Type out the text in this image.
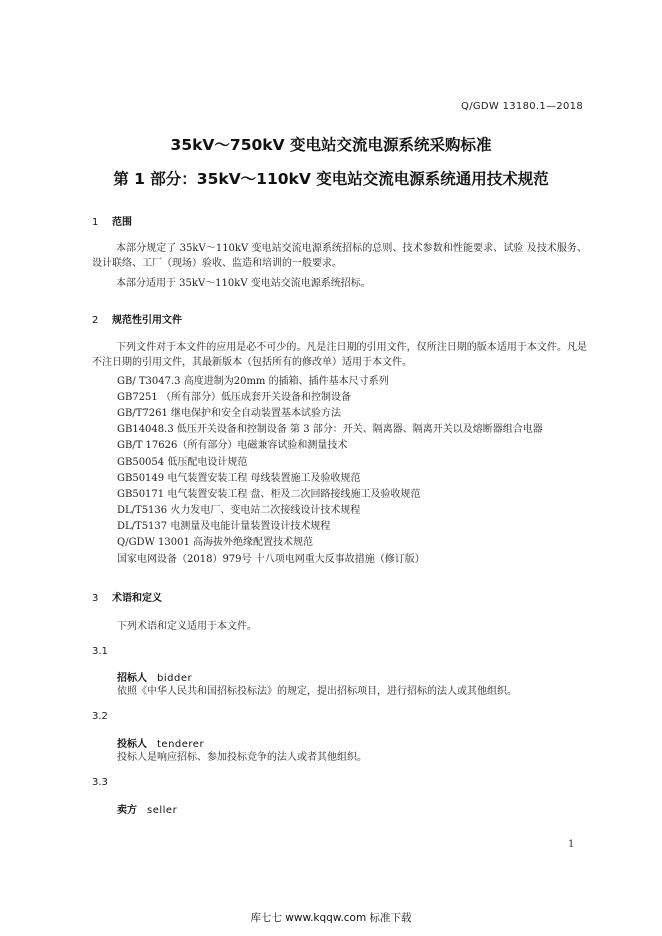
Q/GDW 13180.1—2018
35kV～750kV 变电站交流电源系统采购标准
第 1 部分：35kV～110kV 变电站交流电源系统通用技术规范
1 范围
本部分规定了 35kV～110kV 变电站交流电源系统招标的总则、技术参数和性能要求、试验 及技术服务、设计联络、工厂（现场）验收、监造和培训的一般要求。
本部分适用于 35kV～110kV 变电站交流电源系统招标。
2 规范性引用文件
下列文件对于本文件的应用是必不可少的。凡是注日期的引用文件，仅所注日期的版本适用于本文件。凡是不注日期的引用文件，其最新版本（包括所有的修改单）适用于本文件。
GB/ T3047.3 高度进制为20mm 的插箱、插件基本尺寸系列
GB7251 （所有部分）低压成套开关设备和控制设备
GB/T7261 继电保护和安全自动装置基本试验方法
GB14048.3 低压开关设备和控制设备 第 3 部分：开关、隔离器、隔离开关以及熔断器组合电器
GB/T 17626（所有部分）电磁兼容试验和测量技术
GB50054 低压配电设计规范
GB50149 电气装置安装工程 母线装置施工及验收规范
GB50171 电气装置安装工程 盘、柜及二次回路接线施工及验收规范
DL/T5136 火力发电厂、变电站二次接线设计技术规程
DL/T5137 电测量及电能计量装置设计技术规程
Q/GDW 13001 高海拔外绝缘配置技术规范
国家电网设备（2018）979号 十八项电网重大反事故措施（修订版）
3 术语和定义
下列术语和定义适用于本文件。
3.1
招标人 bidder
依照《中华人民共和国招标投标法》的规定，提出招标项目，进行招标的法人或其他组织。
3.2
投标人 tenderer
投标人是响应招标、参加投标竞争的法人或者其他组织。
3.3
卖方 seller
1
库七七 www.kqqw.com 标准下载
